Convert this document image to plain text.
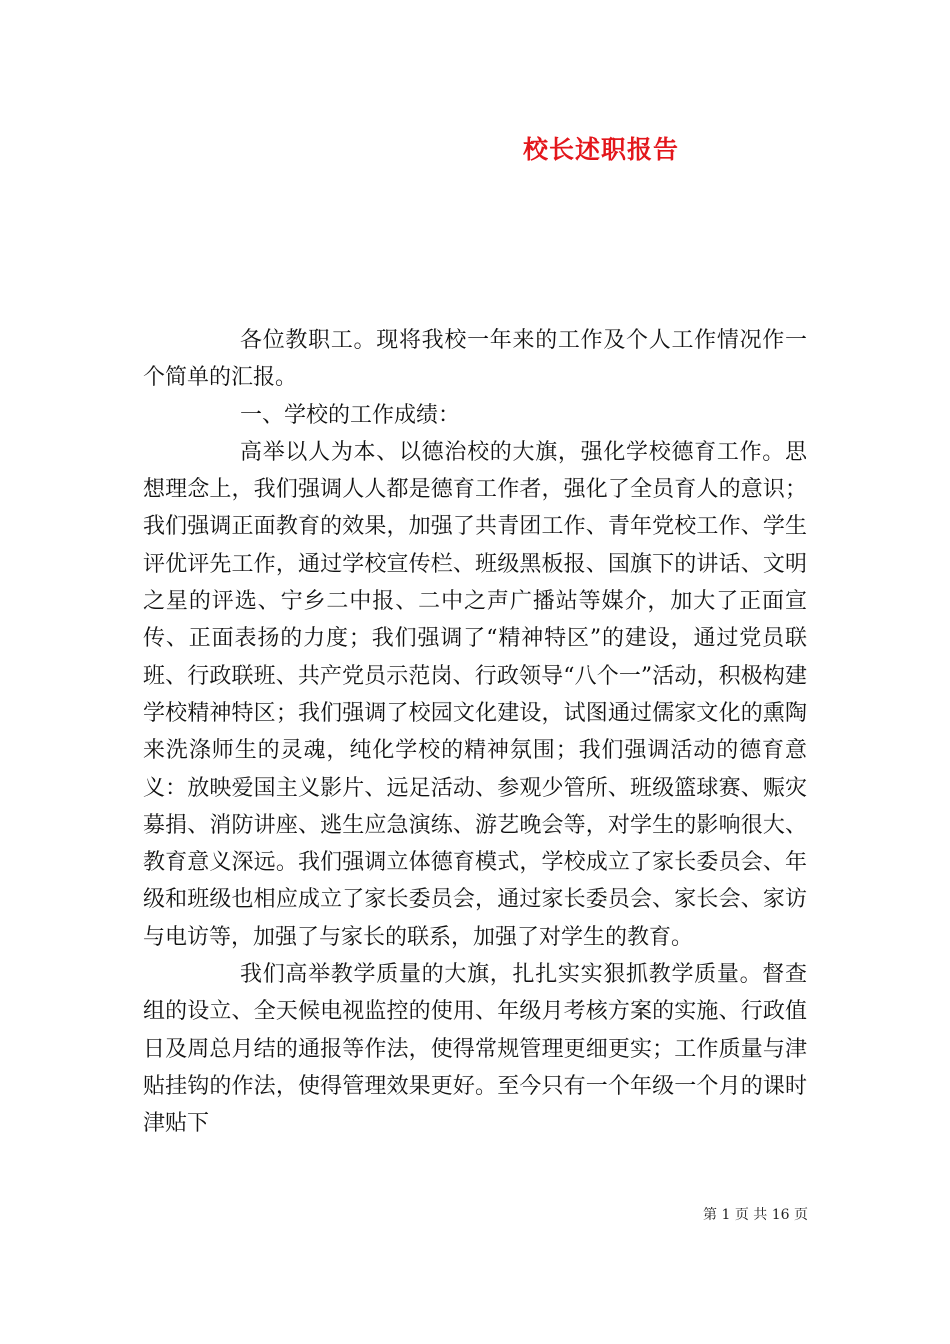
校长述职报告

各位教职工。现将我校一年来的工作及个人工作情况作一个简单的汇报。

一、学校的工作成绩：

高举以人为本、以德治校的大旗，强化学校德育工作。思想理念上，我们强调人人都是德育工作者，强化了全员育人的意识；我们强调正面教育的效果，加强了共青团工作、青年党校工作、学生评优评先工作，通过学校宣传栏、班级黑板报、国旗下的讲话、文明之星的评选、宁乡二中报、二中之声广播站等媒介，加大了正面宣传、正面表扬的力度；我们强调了“精神特区”的建设，通过党员联班、行政联班、共产党员示范岗、行政领导“八个一”活动，积极构建学校精神特区；我们强调了校园文化建设，试图通过儒家文化的熏陶来洗涤师生的灵魂，纯化学校的精神氛围；我们强调活动的德育意义：放映爱国主义影片、远足活动、参观少管所、班级篮球赛、赈灾募捐、消防讲座、逃生应急演练、游艺晚会等，对学生的影响很大、教育意义深远。我们强调立体德育模式，学校成立了家长委员会、年级和班级也相应成立了家长委员会，通过家长委员会、家长会、家访与电访等，加强了与家长的联系，加强了对学生的教育。

我们高举教学质量的大旗，扎扎实实狠抓教学质量。督查组的设立、全天候电视监控的使用、年级月考核方案的实施、行政值日及周总月结的通报等作法，使得常规管理更细更实；工作质量与津贴挂钩的作法，使得管理效果更好。至今只有一个年级一个月的课时津贴下

第 1 页 共 16 页
